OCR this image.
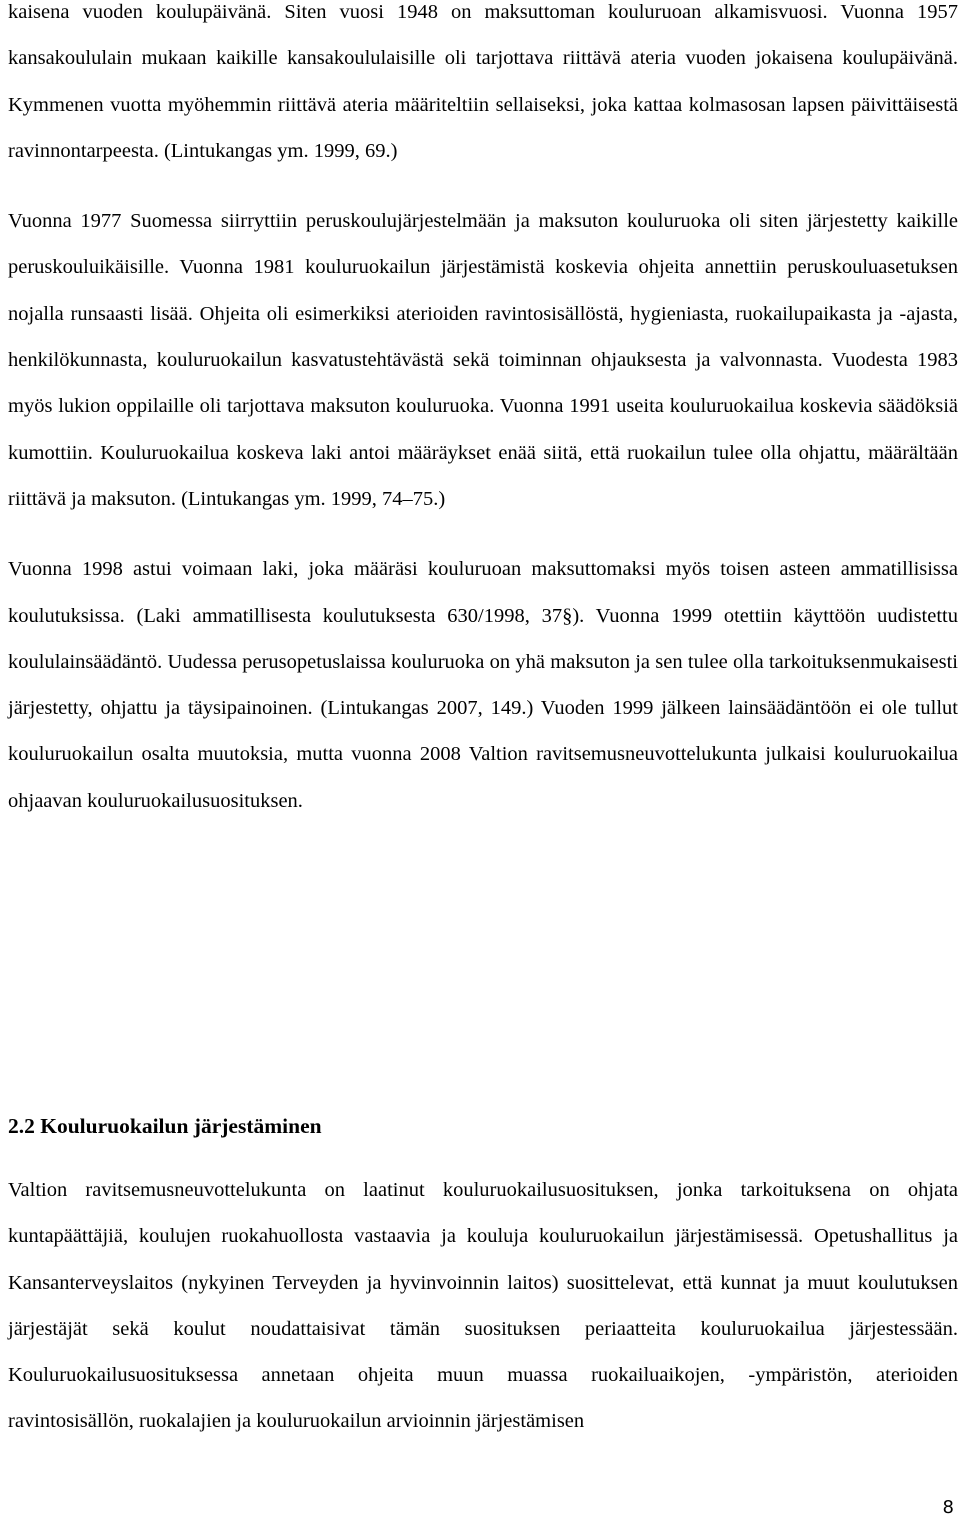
kaisena vuoden koulupäivänä. Siten vuosi 1948 on maksuttoman kouluruoan alkamisvuosi. Vuonna 1957 kansakoululain mukaan kaikille kansakoululaisille oli tarjottava riittävä ateria vuoden jokaisena koulupäivänä. Kymmenen vuotta myöhemmin riittävä ateria määriteltiin sellaiseksi, joka kattaa kolmasosan lapsen päivittäisestä ravinnontarpeesta. (Lintukangas ym. 1999, 69.)

Vuonna 1977 Suomessa siirryttiin peruskoulujärjestelmään ja maksuton kouluruoka oli siten järjestetty kaikille peruskouluikäisille. Vuonna 1981 kouluruokailun järjestämistä koskevia ohjeita annettiin peruskouluasetuksen nojalla runsaasti lisää. Ohjeita oli esimerkiksi aterioiden ravintosisällöstä, hygieniasta, ruokailupaikasta ja -ajasta, henkilökunnasta, kouluruokailun kasvatustehtävästä sekä toiminnan ohjauksesta ja valvonnasta. Vuodesta 1983 myös lukion oppilaille oli tarjottava maksuton kouluruoka. Vuonna 1991 useita kouluruokailua koskevia säädöksiä kumottiin. Kouluruokailua koskeva laki antoi määräykset enää siitä, että ruokailun tulee olla ohjattu, määrältään riittävä ja maksuton. (Lintukangas ym. 1999, 74–75.)

Vuonna 1998 astui voimaan laki, joka määräsi kouluruoan maksuttomaksi myös toisen asteen ammatillisissa koulutuksissa. (Laki ammatillisesta koulutuksesta 630/1998, 37§). Vuonna 1999 otettiin käyttöön uudistettu koululainsäädäntö. Uudessa perusopetuslaissa kouluruoka on yhä maksuton ja sen tulee olla tarkoituksenmukaisesti järjestetty, ohjattu ja täysipainoinen. (Lintukangas 2007, 149.) Vuoden 1999 jälkeen lainsäädäntöön ei ole tullut kouluruokailun osalta muutoksia, mutta vuonna 2008 Valtion ravitsemusneuvottelukunta julkaisi kouluruokailua ohjaavan kouluruokailusuosituksen.

2.2 Kouluruokailun järjestäminen

Valtion ravitsemusneuvottelukunta on laatinut kouluruokailusuosituksen, jonka tarkoituksena on ohjata kuntapäättäjiä, koulujen ruokahuollosta vastaavia ja kouluja kouluruokailun järjestämisessä. Opetushallitus ja Kansanterveyslaitos (nykyinen Terveyden ja hyvinvoinnin laitos) suosittelevat, että kunnat ja muut koulutuksen järjestäjät sekä koulut noudattaisivat tämän suosituksen periaatteita kouluruokailua järjestessään. Kouluruokailusuosituksessa annetaan ohjeita muun muassa ruokailuaikojen, -ympäristön, aterioiden ravintosisällön, ruokalajien ja kouluruokailun arvioinnin järjestämisen

8
